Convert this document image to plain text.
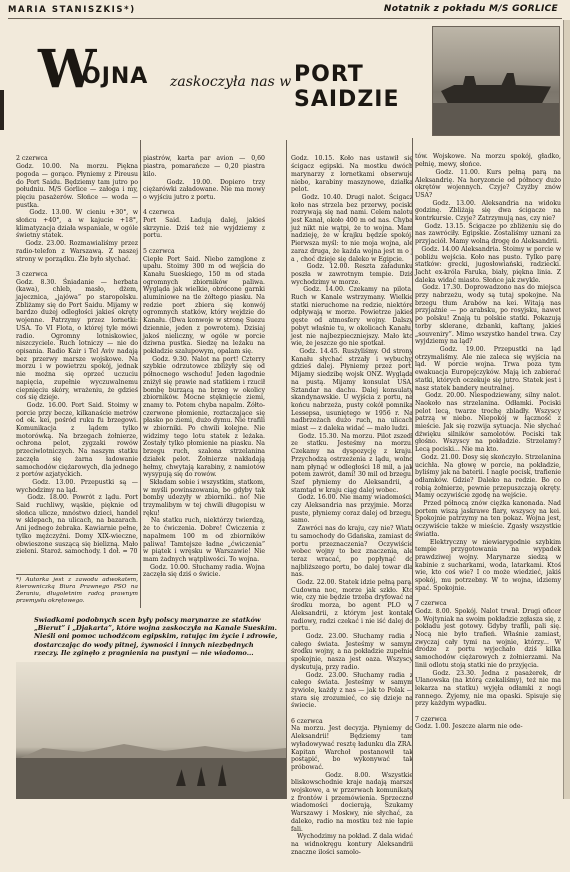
MARIA STANISZKIS*)	Notatnik z pokładu M/S GORLICE
W
OJNA zaskoczyła nas w PORT SAIDZIE

2 czerwca
Godz. 10.00. Na morzu. Piękna pogoda — gorąco. Płyniemy z Pireusu do Port Saidu. Będziemy tam jutro po południu. M/S Gorlice — załoga i my, pięciu pasażerów. Słońce — woda — pustka.
Godz. 13.00. W cieniu +30°, w słońcu +40°, a w kajucie +18°, klimatyzacja działa wspaniale, w ogóle świetny statek.
Godz. 23.00. Rozmawialiśmy przez radio-telefon z Warszawą. Z naszej strony w porządku. Źle było słychać.

3 czerwca
Godz. 8.30. Śniadanie — herbata (kawa), chleb, masło, dżem, jajecznica, „jajówa” po staropolsku. Zbliżamy się do Port Saidu. Mijamy w bardzo dużej odległości jakieś okręty wojenne. Patrzymy przez lornetki: USA. To VI Flota, o której tyle mówi radio. Ogromny lotniskowiec, niszczyciele. Ruch lotniczy — nie do opisania. Radio Kair i Tel Aviv nadają bez przerwy marsze wojskowe. Na morzu i w powietrzu spokój, jednak nie można się oprzeć uczuciu napięcia, zupełnie wyczuwalnemu ciepnięciu skóry, wrażeniu, że gdzieś coś się dzieje.
Godz. 16.00. Port Said. Stoimy w porcie przy becze, kilkanaście metrów od ok. kei, pośród ruku fu brzegowi. Komunikacja z lądem tylko motorówką. Na brzegach żołnierze, ochrona pelot, zygzaki rowów przeciwlotniczych. Na naszym statku zaczęła się żarna ładowanie samochodów ciężarowych, dla jednego z portów azjatyckich.
Godz. 13.00. Przepustki są — wychodzimy na ląd.
Godz. 18.00. Powrót z lądu. Port Said ruchliwy, wąskie, pięknie od słońca ulicze, mnóstwo dzieci, handel w sklepach, na ulicach, na bazarach. Ani jednego żebraka. Kawiarnie pełne, tylko mężczyźni. Domy XIX-wieczne, obwieszone suszącą się bielizną. Mało zieleni. Staroż. samochody. 1 doł. = 70

*) Autorka jest z zawodu adwokatem, kierowniczką Biura Prawnego PSO na Żeraniu, długoletnim radcą prawnym przemysłu okrętowego.

piastrów, karta par avion — 0,60 piastra, pomarańcze — 0,20 piastra kilo.
Godz. 19.00. Dopiero trzy ciężarówki załadowane. Nie ma mowy o wyjściu jutro z portu.

4 czerwca
Port Said. Ładują dalej, jakieś skrzynie. Dziś też nie wyjdziemy z portu.

5 czerwca
Ciepłe Port Said. Niebo zamglone z upału. Stoimy 300 m od wejścia do Kanału Sueskiego, 150 m od stada ogromnych zbiorników paliwa. Wygląda jak wielkie, obrócone garnki aluminiowe na tle żółtego piasku. Na redzie port zbiera się konwój ogromnych statków, który wejdzie do Kanału. (Dwa konwoje w stronę Suezu dziennie, jeden z powrotem). Dzisiaj jakoś nieliczny, w ogóle w porcie dziwna pustka. Siedzę na leżaku na pokładzie szalupowym, opalam się.
Godz. 9.30. Nalot na port! Czterry szybkie odrzutowce zbliżyły się od północnego wschodu! Jeden łagodnie zniżył się prawie nad statkiem i rzucił bombę burzącą na brzeg w okolicy zbiorników. Mocne stęknięcie ziemi, znamy to. Potem chyba napalm. Żółto-czerwone płomienie, roztaczające się płasko po ziemi, dużo dymu. Nie trafili w zbiorniki. Po chwili kolejne. Nie widzimy tego lotu statek z leżaka. Zostały tylko płomienie na piasku. Na brzegu ruch, szalona strzelanina działek pelot. Żołnierze nakładają hełmy, chwytają karabiny, z namiotów wysypują się do rowów.
Składam sobie i wszystkim, statkom, w myśli powinszowania, bo gdyby tak bomby udezyły w zbiorniki.. no! Nie trzymalibym w tej chwili długopisu w ręku!
Na statku ruch, niektórzy twierdzą, że to ćwiczenia. Dobre! Ćwiczenia z napalmem 100 m od zbiorników paliwa! Tamtejsze ładne „ćwiczenia” w piątek i wręsku w Warszawie! Nie mam żadnych wątpliwości. To wojna.
Godz. 10.00. Słuchamy radia. Wojna zaczęła się dziś o świcie.

Godz. 10.15. Koło nas ustawił się ścigacz egipski. Na mostku dwóch marynarzy z lornetkami obserwuje niebo, karabiny maszynowe, działka pelot.
Godz. 10.40. Drugi nalot. Ścigacz koło nas strzela bez przerwy, pociski rozrywają się nad nami. Celem nalotu jest Kanał, około 400 m od nas. Chyba już nikt nie wątpi, że to wojna. Mam nadzieję, że w krajku będzie spokój. Pierwsza myśl: to nie moja wojna, ale zaraz druga, że każda wojna jest m o j a , choć dzieje się daleko w Egipcie.
Godz. 12.00. Reszta załadunku poszła w zawrotnym tempie. Dziś wychodzimy w morze.
Godz. 14.00. Czekamy na pilota. Ruch w Kanale wstrzymany. Wielkie statki nieruchome na redzie, niektóre odpływają w morze. Powietrze jakieś gęste od atmosfery wojny. Dalszy pobyt właśnie tu, w okolicach Kanału, jest nie najbezpieczniejszy. Mało kto wie, że jeszcze go nie spotkał.
Godz. 14.45. Rusżyliśmy. Od strony Kanału słychać strzały i wybuchy, gdzieś dalej. Płyniemy przez port. Mijamy siedzibę wojsk ONZ. Wygląda na pustą. Mijamy konsulat USA. Sztandar na dachu. Dalej konsulaty skandynawskie. U wyjścia z portu, na końcu nabrzeża, pusty cokół pomnika Lessepsa, usuniętego w 1956 r. Na nadbrzeżach dużo ruch, na ulicach miast — z daleka widać — mało ludzi.
Godz. 15.30. Na morzu. Pilot zszedł ze statku. Jesteśmy na morzu. Czekamy na dyspozycję z kraju. Przychodzą ostrzeżenia z lądu, wolno nam płynąć w odległości 18 mil, a jak potem zawrót, dami! 30 mil od brzegu. Szef płyniemy do Aleksandrii, a stamtąd w kraju ciąg dalej wobec.
Godz. 16.00. Nie mamy wiadomości, czy Aleksandria nas przyjmie. Morze puste, płyniemy coraz dalej od brzegu, samo.
Zawróci nas do kraju, czy nie? Wiatr tu samochody do Gdańska, zamiast do portu przeznaczenia? Oczywiście wobec wojny to bez znaczenia, ale teraz wracać, po popłynąć do najbliższego portu, bo dalej towar dla nas.
Godz. 22.00. Statek idzie pełną parą. Cudowna noc, morze jak szkło. Kto wie, czy nie będzie trzeba dryfować na środku morza, bo agent PLO w Aleksandrii, z którym jest kontakt radiowy, radzi czekać i nie iść dalej do portu.
Godz. 23.00. Słuchamy radia z całego świata. Jesteśmy w samym środku wojny, a na pokładzie zupełnie spokojnie, nasza jest oaza. Wszyscy dyskutują, przy radio.
Godz. 23.00. Słuchamy radia z całego świata. Jesteśmy w samym żywiole, każdy z nas — jak to Polak — stara się zrozumieć, co się dzieje na świecie.

6 czerwca
Na morzu. Jest decyzja. Płyniemy do Aleksandrii! Będziemy tam wyładowywać resztę ładunku dla ZRA. Kapitan Warchoł postanowił tak postąpić, bo wykonywać tak próbować.
Godz. 8.00. Wszystkie bliskowschodnie kraje nadają marsze wojskowe, a w przerwach komunikaty z frontów i przemówienia. Sprzeczne wiadomości docierają, Szukamy Warszawy i Moskwy, nie słychać, za daleko, radio na mostku też nie łapie fali.
Wychodzimy na pokład. Z dala widać na widnokręgu kontury Aleksandrii znaczne ilości samolo-

tów. Wojskowe. Na morzu spokój, gładko, pełnię, mewy, słońce.
Godz. 11.00. Kurs pełną parą na Aleksandrię. Na horyzoncie od północy dużo okrętów wojennych. Czyje? Czyżby znów USA?
Godz. 13.00. Aleksandria na widoku godzinę. Zbliżają się dwa ścigacze na kontrkursie. Czyje? Zatrzymują nas, czy nie?
Godz. 13.15. Ścigacze po zbliżeniu się do nas zawróciły. Egipskie. Zostaliśmy uznani za przyjaciół. Mamy wolną drogę do Aleksandrii.
Godz. 14.00 Aleksandria. Stoimy w porcie w pobliżu wejścia. Koło nas pusto. Tylko parę statków: grecki, jugosłowiański, radziecki. Jacht ex-króla Faruka, biały, piękna linia. Z daleka widać miasto. Słońce jak zwykle.
Godz. 17.30. Doprowadzono nas do miejsca przy nabrzeżu, wody są tutaj spokojne. Na brzegu tłum Arabów na kei. Witają nas przyjaźnie — po arabsku, po rosyjsku, nawet po polsku! Znają tu polskie statki. Pokazują torby sklerane, dzbanki, kaftany, jakieś „souveniry”. Mimo wszystko handel trwa. Czy wyjdziemy na ląd?
Godz. 19.00. Przepustki na ląd otrzymaliśmy. Ale nie zaleca się wyjścia na ląd. W porcie wojna. Trwa poza tym ewakuacja Europejczyków. Mają ich zabierać statki, których oczekuje się jutro. Statek jest i nasz statek bandery neutralnej.
Godz. 20.00. Niespodziewany, silny nalot. Naokoło nas strzelanina. Odłamki. Pociski pelot lecą, twarze trochę zbladły. Wszyscy patrzą w niebo. Niepokój w łączność z mieście. Jak się rozwija sytuacja. Nie słychać dźwięku silników samolotów. Pociski tak głośno. Wszyscy na pokładzie. Strzelamy? Lecą pociski... Nie ma kto.
Godz. 21.00. Dosy się skończyło. Strzelanina ucichła. Na głowę w porcie, na pokładzie, byliśmy jak na baterii. I nagle pocisk, trafienie odłamków. Gdzie? Daleko na redzie. Bo co robią żołnierze, pewnie przepuszczają okręty. Mamy oczywiście zgodę na wejście.
Przed północą znów ciężka kanonada. Nad portem wiszą jaskrawe flary, wszyscy na kei. Spokojnie patrzymy na ten pokaz. Wojna jest, oczywiście także w mieście. Zgasły wszystkie światła.
Elektryczny w niewiarygodnie szybkim tempie przygotowania na wypadek prawdziwej wojny. Marynarze siedzą w kabinie z sucharkami, woda, latarkami. Ktoś wie, kto coś wie? I co może wiedzieć, jakiś spokój, mu potrzebny. W to wojna, idziemy spać. Spokojnie.

7 czerwca
Godz. 8.00. Spokój. Nalot trwał. Drugi oficer p. Wojtyniak na swoim pokładzie zgłasza się, z pokładu jest gotowy. Gdyby trafili, pali się. Nocą nie było trafień. Właśnie zamiast, zwyczaj cały tymi na wojnie, którzy... W drodze z portu wyjechało dziś kilka samochodów ciężarowych z żołnierzami. Na linii odlotu stoją statki nie do przyjęcia.
Godz. 23.30. Jedna z pasażerek, dr Ulanowska (na którą czekaliśmy), też nie ma lekarza na statku) wyjęła odłamki z nogi rannego. Żyjemy, nie ma opaski. Spisuje się przy każdym wypadku.

7 czerwca
Godz. 1.00. Jeszcze alarm nie ode-

Swiadkami podobnych scen były polscy marynarze ze statków „Bierut” i „Djakarta”, które wojna zaskoczyła na Kanale Sueskim. Nieśli oni pomoc uchodźcom egipskim, ratując im życie i zdrowie, dostarczając do wody pitnej, żywności i innych niezbędnych rzeczy. Ile zginęło z pragnienia na pustyni — nie wiadomo...
